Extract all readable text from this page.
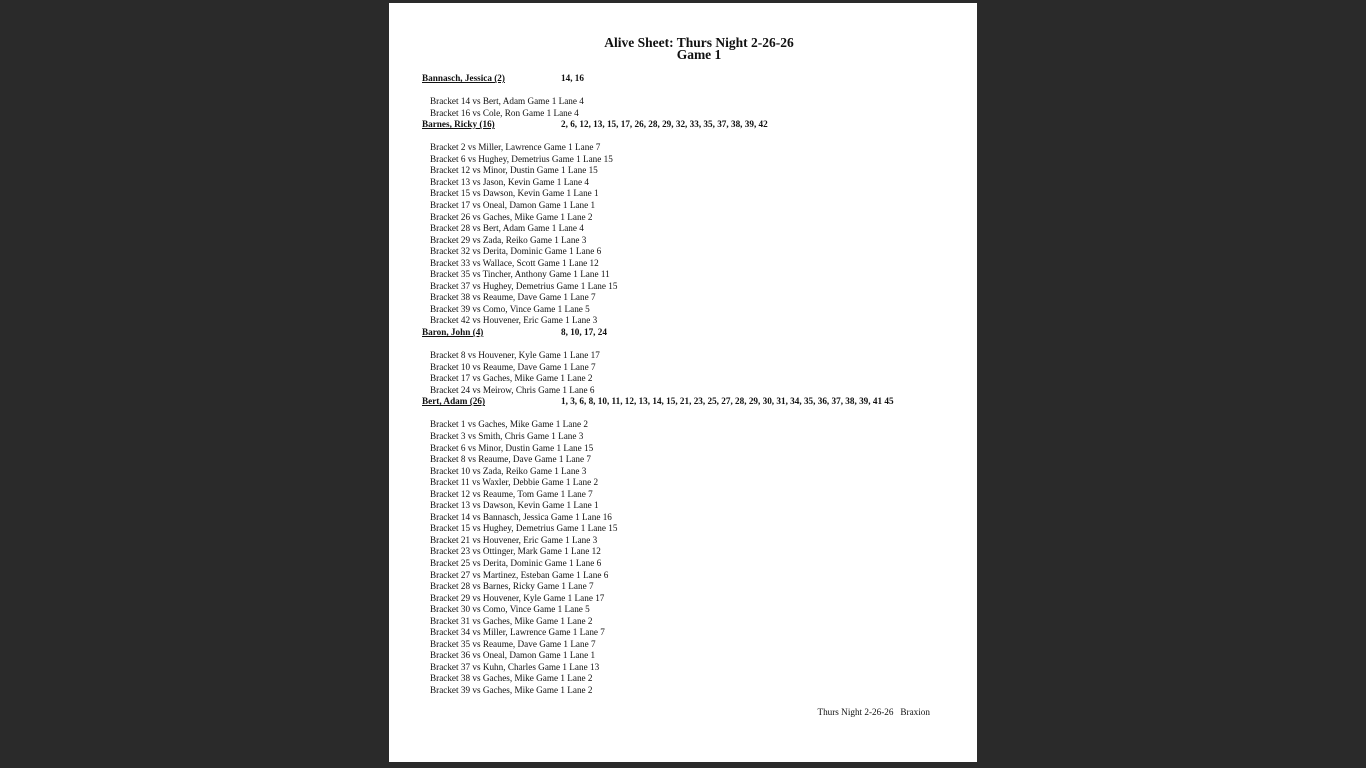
Alive Sheet: Thurs Night 2-26-26
Game 1
Bannasch, Jessica (2)	14, 16
Bracket 14 vs Bert, Adam Game 1 Lane 4
Bracket 16 vs Cole, Ron Game 1 Lane 4
Barnes, Ricky (16)	2, 6, 12, 13, 15, 17, 26, 28, 29, 32, 33, 35, 37, 38, 39, 42
Bracket 2 vs Miller, Lawrence Game 1 Lane 7
Bracket 6 vs Hughey, Demetrius Game 1 Lane 15
Bracket 12 vs Minor, Dustin Game 1 Lane 15
Bracket 13 vs Jason, Kevin Game 1 Lane 4
Bracket 15 vs Dawson, Kevin Game 1 Lane 1
Bracket 17 vs Oneal, Damon Game 1 Lane 1
Bracket 26 vs Gaches, Mike Game 1 Lane 2
Bracket 28 vs Bert, Adam Game 1 Lane 4
Bracket 29 vs Zada, Reiko Game 1 Lane 3
Bracket 32 vs Derita, Dominic Game 1 Lane 6
Bracket 33 vs Wallace, Scott Game 1 Lane 12
Bracket 35 vs Tincher, Anthony Game 1 Lane 11
Bracket 37 vs Hughey, Demetrius Game 1 Lane 15
Bracket 38 vs Reaume, Dave Game 1 Lane 7
Bracket 39 vs Como, Vince Game 1 Lane 5
Bracket 42 vs Houvener, Eric Game 1 Lane 3
Baron, John (4)	8, 10, 17, 24
Bracket 8 vs Houvener, Kyle Game 1 Lane 17
Bracket 10 vs Reaume, Dave Game 1 Lane 7
Bracket 17 vs Gaches, Mike Game 1 Lane 2
Bracket 24 vs Meirow, Chris Game 1 Lane 6
Bert, Adam (26)	1, 3, 6, 8, 10, 11, 12, 13, 14, 15, 21, 23, 25, 27, 28, 29, 30, 31, 34, 35, 36, 37, 38, 39, 41 45
Bracket 1 vs Gaches, Mike Game 1 Lane 2
Bracket 3 vs Smith, Chris Game 1 Lane 3
Bracket 6 vs Minor, Dustin Game 1 Lane 15
Bracket 8 vs Reaume, Dave Game 1 Lane 7
Bracket 10 vs Zada, Reiko Game 1 Lane 3
Bracket 11 vs Waxler, Debbie Game 1 Lane 2
Bracket 12 vs Reaume, Tom Game 1 Lane 7
Bracket 13 vs Dawson, Kevin Game 1 Lane 1
Bracket 14 vs Bannasch, Jessica Game 1 Lane 16
Bracket 15 vs Hughey, Demetrius Game 1 Lane 15
Bracket 21 vs Houvener, Eric Game 1 Lane 3
Bracket 23 vs Ottinger, Mark Game 1 Lane 12
Bracket 25 vs Derita, Dominic Game 1 Lane 6
Bracket 27 vs Martinez, Esteban Game 1 Lane 6
Bracket 28 vs Barnes, Ricky Game 1 Lane 7
Bracket 29 vs Houvener, Kyle Game 1 Lane 17
Bracket 30 vs Como, Vince Game 1 Lane 5
Bracket 31 vs Gaches, Mike Game 1 Lane 2
Bracket 34 vs Miller, Lawrence Game 1 Lane 7
Bracket 35 vs Reaume, Dave Game 1 Lane 7
Bracket 36 vs Oneal, Damon Game 1 Lane 1
Bracket 37 vs Kuhn, Charles Game 1 Lane 13
Bracket 38 vs Gaches, Mike Game 1 Lane 2
Bracket 39 vs Gaches, Mike Game 1 Lane 2
Thurs Night 2-26-26   Braxion
